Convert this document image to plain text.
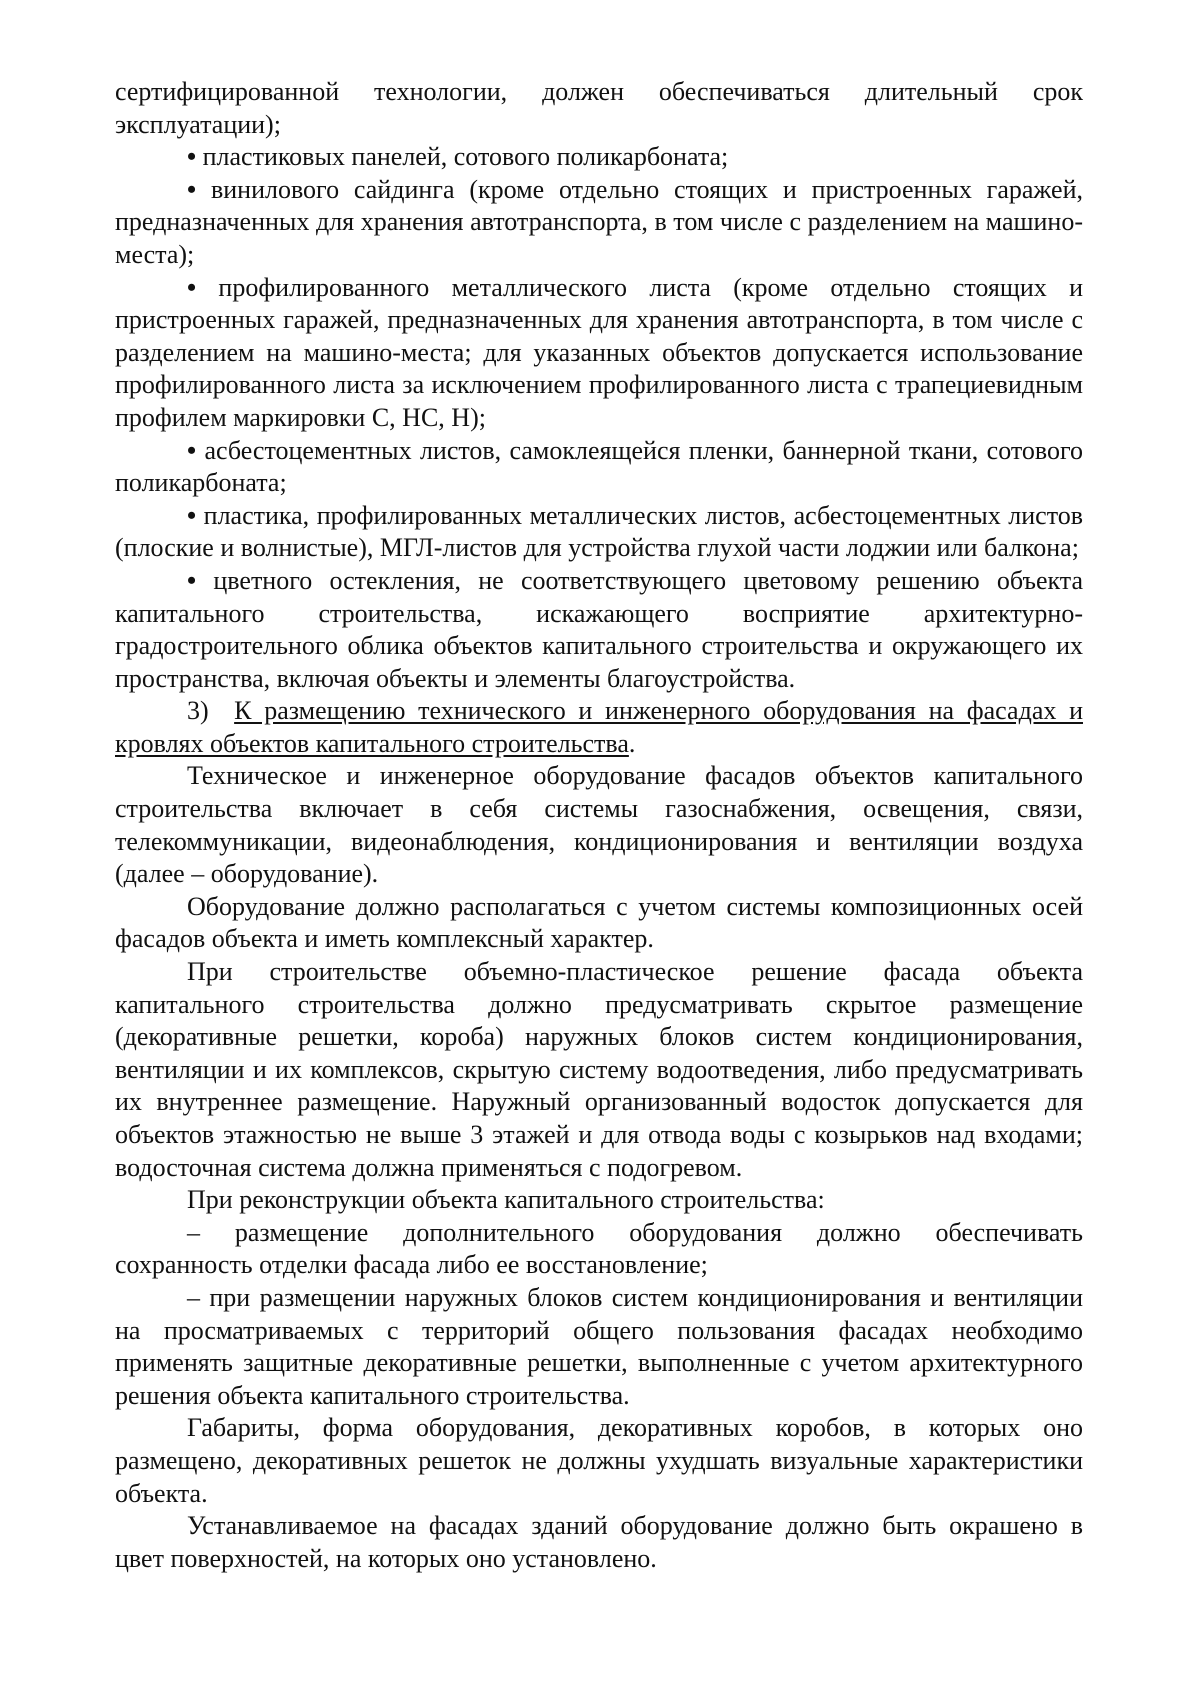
сертифицированной технологии, должен обеспечиваться длительный срок эксплуатации);

• пластиковых панелей, сотового поликарбоната;

• винилового сайдинга (кроме отдельно стоящих и пристроенных гаражей, предназначенных для хранения автотранспорта, в том числе с разделением на машино-места);

• профилированного металлического листа (кроме отдельно стоящих и пристроенных гаражей, предназначенных для хранения автотранспорта, в том числе с разделением на машино-места; для указанных объектов допускается использование профилированного листа за исключением профилированного листа с трапециевидным профилем маркировки С, НС, Н);

• асбестоцементных листов, самоклеящейся пленки, баннерной ткани, сотового поликарбоната;

• пластика, профилированных металлических листов, асбестоцементных листов (плоские и волнистые), МГЛ-листов для устройства глухой части лоджии или балкона;

• цветного остекления, не соответствующего цветовому решению объекта капитального строительства, искажающего восприятие архитектурно-градостроительного облика объектов капитального строительства и окружающего их пространства, включая объекты и элементы благоустройства.

3) К размещению технического и инженерного оборудования на фасадах и кровлях объектов капитального строительства.

Техническое и инженерное оборудование фасадов объектов капитального строительства включает в себя системы газоснабжения, освещения, связи, телекоммуникации, видеонаблюдения, кондиционирования и вентиляции воздуха (далее – оборудование).

Оборудование должно располагаться с учетом системы композиционных осей фасадов объекта и иметь комплексный характер.

При строительстве объемно-пластическое решение фасада объекта капитального строительства должно предусматривать скрытое размещение (декоративные решетки, короба) наружных блоков систем кондиционирования, вентиляции и их комплексов, скрытую систему водоотведения, либо предусматривать их внутреннее размещение. Наружный организованный водосток допускается для объектов этажностью не выше 3 этажей и для отвода воды с козырьков над входами; водосточная система должна применяться с подогревом.

При реконструкции объекта капитального строительства:

– размещение дополнительного оборудования должно обеспечивать сохранность отделки фасада либо ее восстановление;

– при размещении наружных блоков систем кондиционирования и вентиляции на просматриваемых с территорий общего пользования фасадах необходимо применять защитные декоративные решетки, выполненные с учетом архитектурного решения объекта капитального строительства.

Габариты, форма оборудования, декоративных коробов, в которых оно размещено, декоративных решеток не должны ухудшать визуальные характеристики объекта.

Устанавливаемое на фасадах зданий оборудование должно быть окрашено в цвет поверхностей, на которых оно установлено.
